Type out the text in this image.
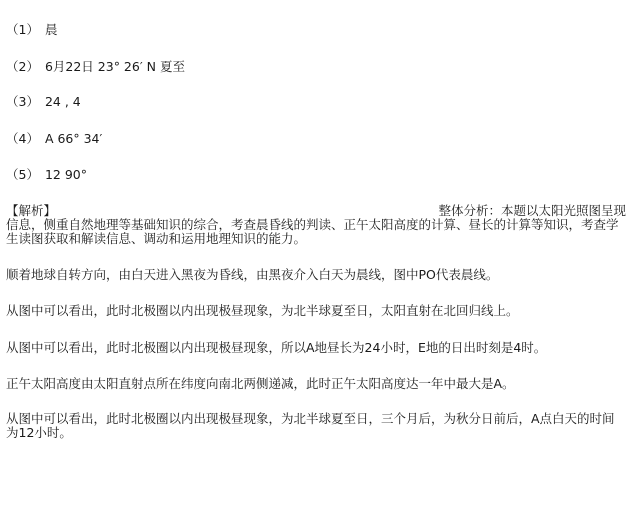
（1） 晨
（2） 6月22日 23° 26′ N 夏至
（3） 24 , 4
（4） A 66° 34′
（5） 12 90°
【解析】	整体分析：本题以太阳光照图呈现
信息，侧重自然地理等基础知识的综合，考查晨昏线的判读、正午太阳高度的计算、昼长的计算等知识，考查学生读图获取和解读信息、调动和运用地理知识的能力。
顺着地球自转方向，由白天进入黑夜为昏线，由黑夜介入白天为晨线，图中PO代表晨线。
从图中可以看出，此时北极圈以内出现极昼现象，为北半球夏至日，太阳直射在北回归线上。
从图中可以看出，此时北极圈以内出现极昼现象，所以A地昼长为24小时，E地的日出时刻是4时。
正午太阳高度由太阳直射点所在纬度向南北两侧递减，此时正午太阳高度达一年中最大是A。
从图中可以看出，此时北极圈以内出现极昼现象，为北半球夏至日，三个月后，为秋分日前后，A点白天的时间为12小时。
